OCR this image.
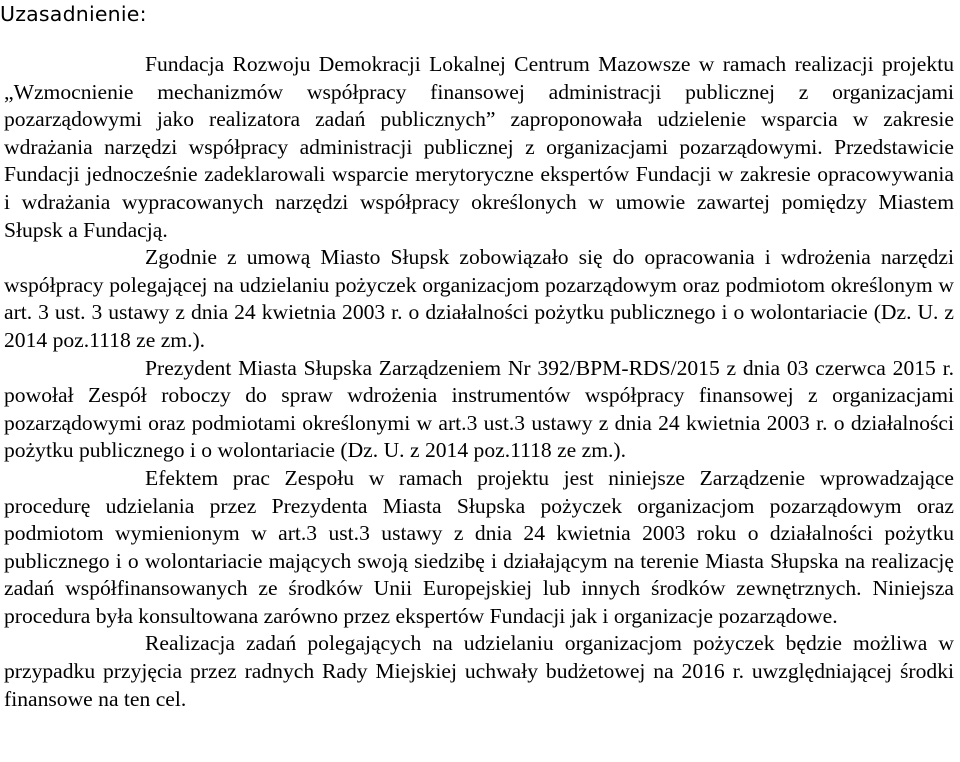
Uzasadnienie:

Fundacja Rozwoju Demokracji Lokalnej Centrum Mazowsze w ramach realizacji projektu „Wzmocnienie mechanizmów współpracy finansowej administracji publicznej z organizacjami pozarządowymi jako realizatora zadań publicznych” zaproponowała udzielenie wsparcia w zakresie wdrażania narzędzi współpracy administracji publicznej z organizacjami pozarządowymi. Przedstawicie Fundacji jednocześnie zadeklarowali wsparcie merytoryczne ekspertów Fundacji w zakresie opracowywania i wdrażania wypracowanych narzędzi współpracy określonych w umowie zawartej pomiędzy Miastem Słupsk a Fundacją.

Zgodnie z umową Miasto Słupsk zobowiązało się do opracowania i wdrożenia narzędzi współpracy polegającej na udzielaniu pożyczek organizacjom pozarządowym oraz podmiotom określonym w art. 3 ust. 3 ustawy z dnia 24 kwietnia 2003 r. o działalności pożytku publicznego i o wolontariacie (Dz. U. z 2014 poz.1118 ze zm.).

Prezydent Miasta Słupska Zarządzeniem Nr 392/BPM-RDS/2015 z dnia 03 czerwca 2015 r. powołał Zespół roboczy do spraw wdrożenia instrumentów współpracy finansowej z organizacjami pozarządowymi oraz podmiotami określonymi w art.3 ust.3 ustawy z dnia 24 kwietnia 2003 r. o działalności pożytku publicznego i o wolontariacie (Dz. U. z 2014 poz.1118 ze zm.).

Efektem prac Zespołu w ramach projektu jest niniejsze Zarządzenie wprowadzające procedurę udzielania przez Prezydenta Miasta Słupska pożyczek organizacjom pozarządowym oraz podmiotom wymienionym w art.3 ust.3 ustawy z dnia 24 kwietnia 2003 roku o działalności pożytku publicznego i o wolontariacie mających swoją siedzibę i działającym na terenie Miasta Słupska na realizację zadań współfinansowanych ze środków Unii Europejskiej lub innych środków zewnętrznych. Niniejsza procedura była konsultowana zarówno przez ekspertów Fundacji jak i organizacje pozarządowe.

Realizacja zadań polegających na udzielaniu organizacjom pożyczek będzie możliwa w przypadku przyjęcia przez radnych Rady Miejskiej uchwały budżetowej na 2016 r. uwzględniającej środki finansowe na ten cel.
